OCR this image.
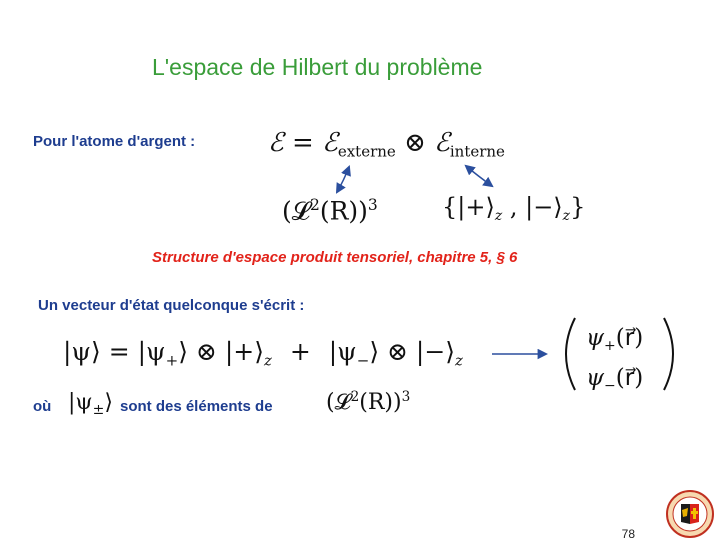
L'espace de Hilbert du problème
Pour l'atome d'argent :	ℰ = ℰ$_{externe}$ ⊗ ℰ$_{interne}$
(𝓛$^2$(R))$^3$	{$|+⟩_z$ , $|-⟩_z$}
Structure d'espace produit tensoriel, chapitre 5, § 6
Un vecteur d'état quelconque s'écrit :
|ψ⟩ = $|\psi_+⟩$ ⊗ $|+⟩_z$ + $|\psi_-⟩$ ⊗ $|-⟩_z$
$\psi_+(r⃗)$
$\psi_-(r⃗)$
où $|\psi_\pm⟩$ sont des éléments de (𝓛$^2$(R))$^3$
78
